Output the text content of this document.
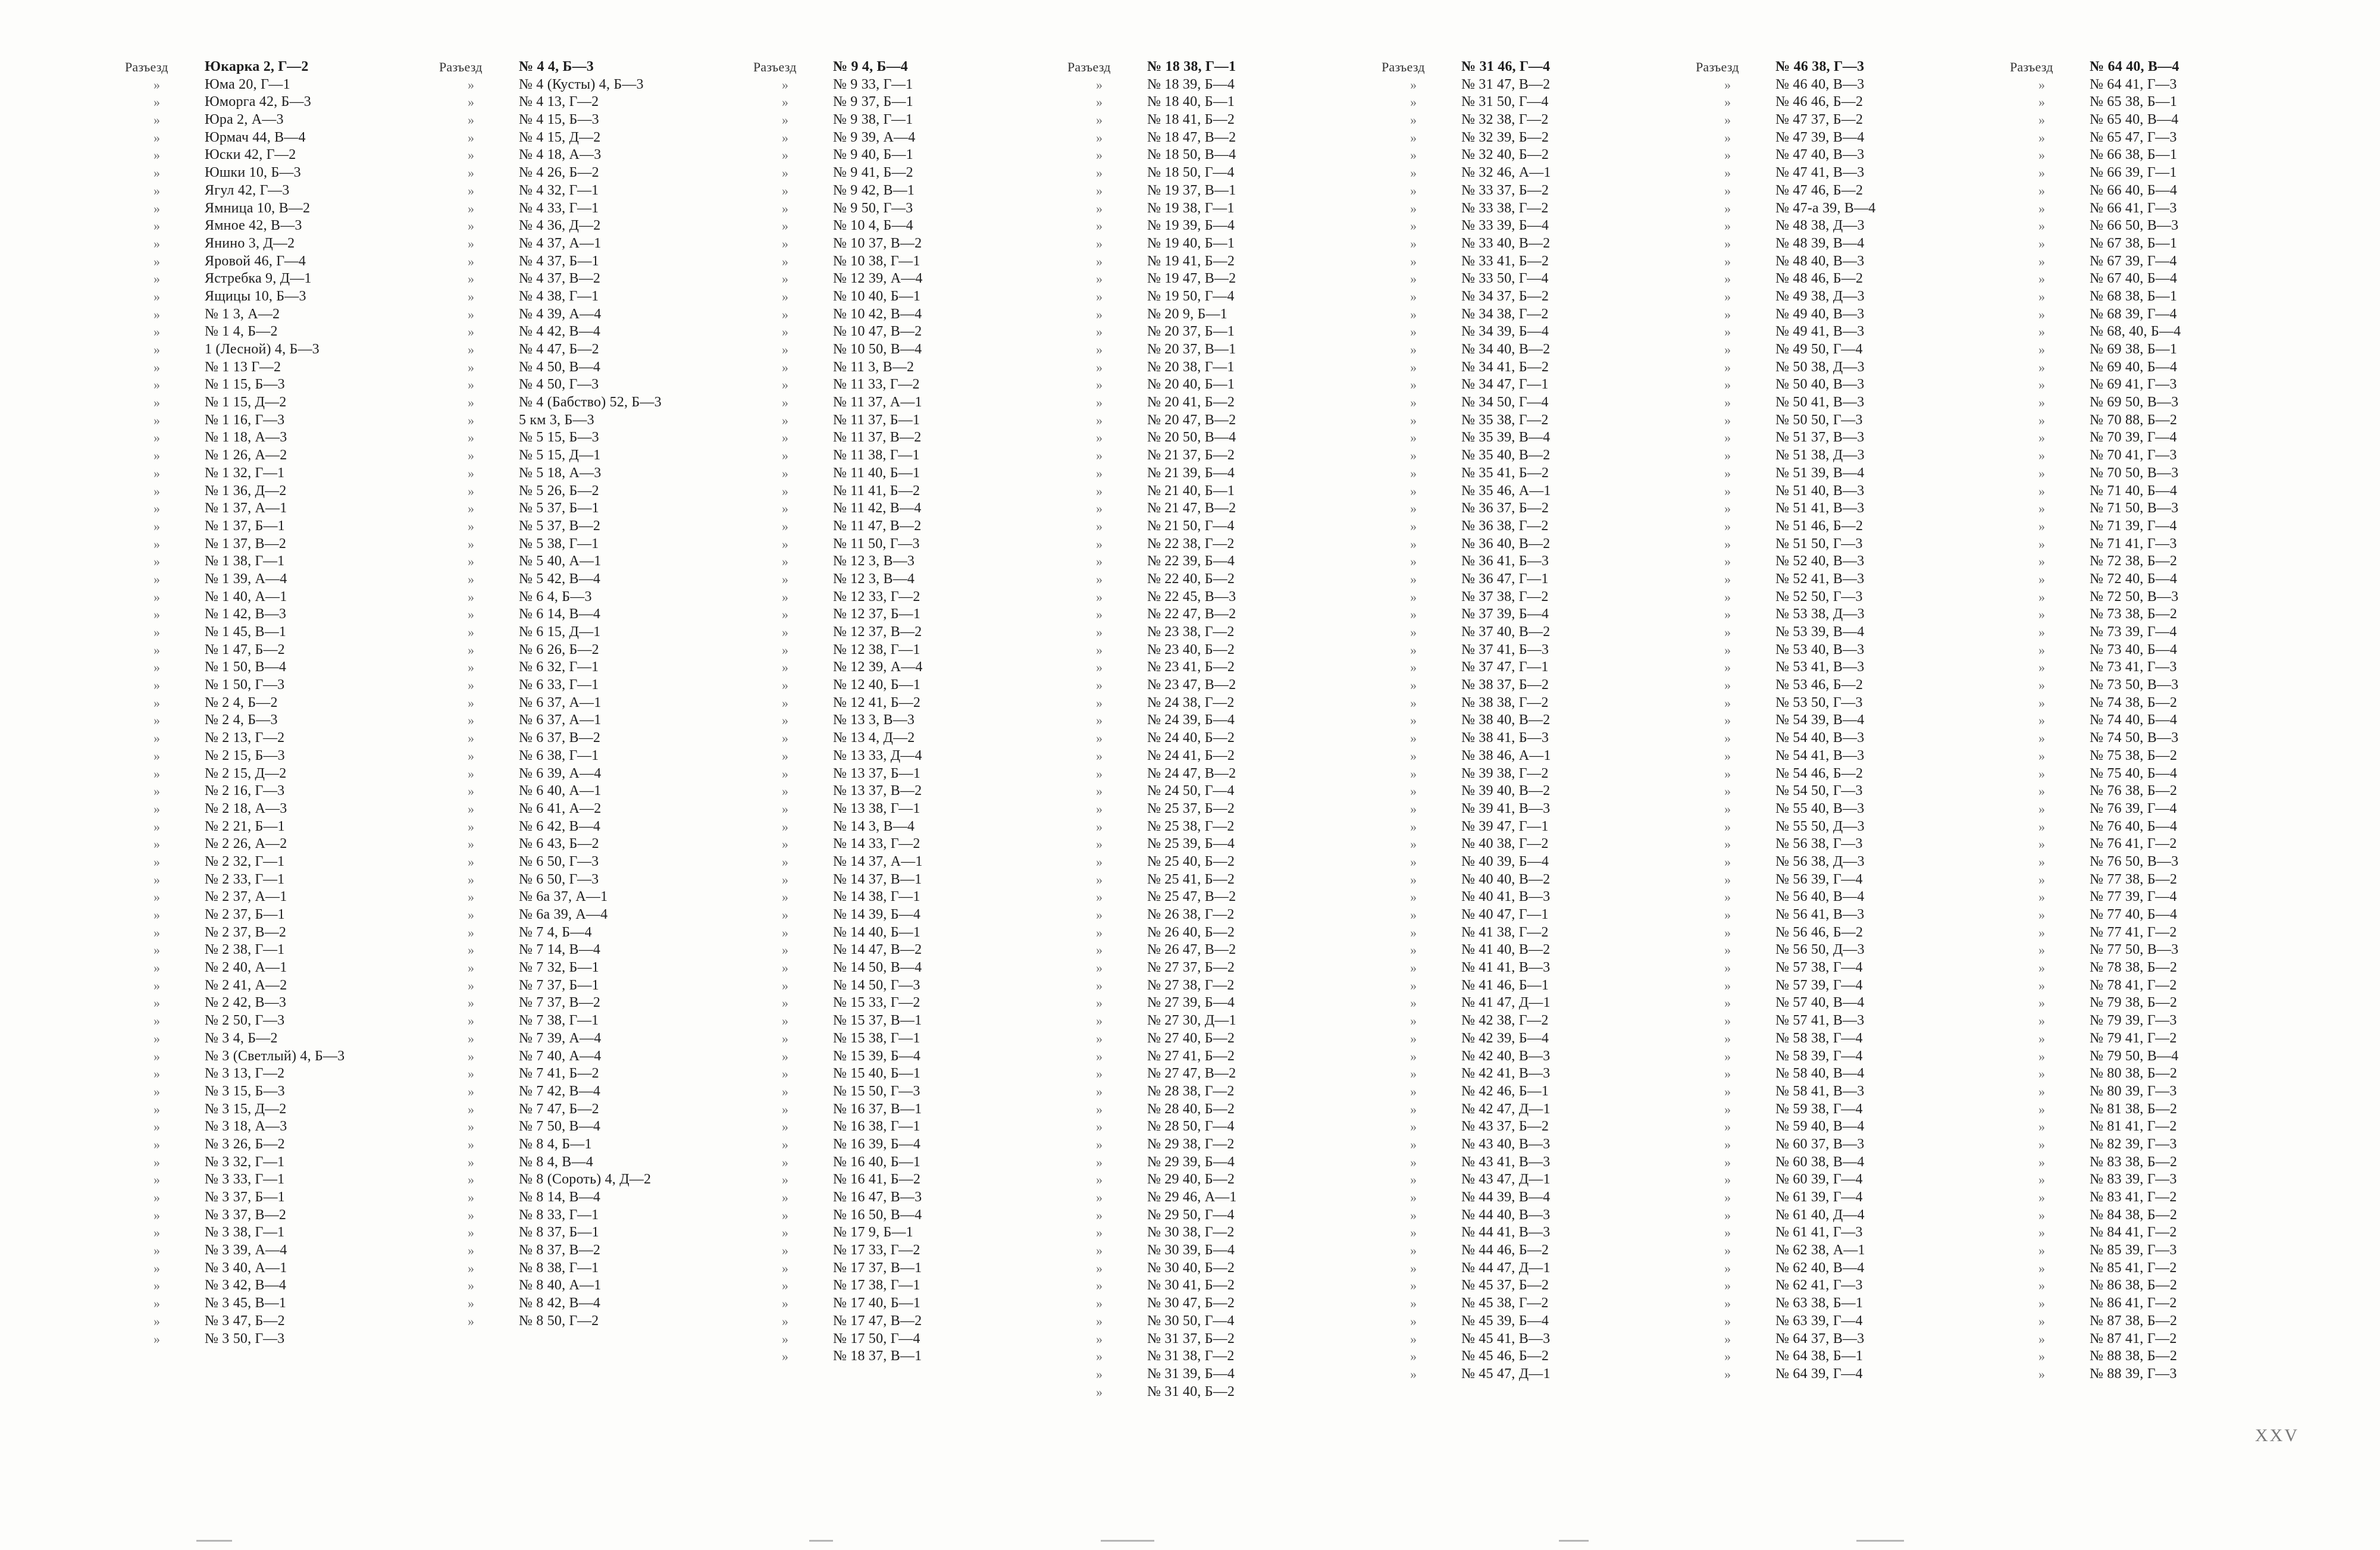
Разъезд	Юкарка 2, Г—2
»	Юма 20, Г—1
»	Юморга 42, Б—3
»	Юра 2, А—3
»	Юрмач 44, В—4
»	Юски 42, Г—2
»	Юшки 10, Б—3
»	Ягул 42, Г—3
»	Ямница 10, В—2
»	Ямное 42, В—3
»	Янино 3, Д—2
»	Яровой 46, Г—4
»	Ястребка 9, Д—1
»	Ящицы 10, Б—3
»	№ 1 3, А—2
»	№ 1 4, Б—2
»	1 (Лесной) 4, Б—3
»	№ 1 13 Г—2
»	№ 1 15, Б—3
»	№ 1 15, Д—2
»	№ 1 16, Г—3
»	№ 1 18, А—3
»	№ 1 26, А—2
»	№ 1 32, Г—1
»	№ 1 36, Д—2
»	№ 1 37, А—1
»	№ 1 37, Б—1
»	№ 1 37, В—2
»	№ 1 38, Г—1
»	№ 1 39, А—4
»	№ 1 40, А—1
»	№ 1 42, В—3
»	№ 1 45, В—1
»	№ 1 47, Б—2
»	№ 1 50, В—4
»	№ 1 50, Г—3
»	№ 2 4, Б—2
»	№ 2 4, Б—3
»	№ 2 13, Г—2
»	№ 2 15, Б—3
»	№ 2 15, Д—2
»	№ 2 16, Г—3
»	№ 2 18, А—3
»	№ 2 21, Б—1
»	№ 2 26, А—2
»	№ 2 32, Г—1
»	№ 2 33, Г—1
»	№ 2 37, А—1
»	№ 2 37, Б—1
»	№ 2 37, В—2
»	№ 2 38, Г—1
»	№ 2 40, А—1
»	№ 2 41, А—2
»	№ 2 42, В—3
»	№ 2 50, Г—3
»	№ 3 4, Б—2
»	№ 3 (Светлый) 4, Б—3
»	№ 3 13, Г—2
»	№ 3 15, Б—3
»	№ 3 15, Д—2
»	№ 3 18, А—3
»	№ 3 26, Б—2
»	№ 3 32, Г—1
»	№ 3 33, Г—1
»	№ 3 37, Б—1
»	№ 3 37, В—2
»	№ 3 38, Г—1
»	№ 3 39, А—4
»	№ 3 40, А—1
»	№ 3 42, В—4
»	№ 3 45, В—1
»	№ 3 47, Б—2
»	№ 3 50, Г—3
Разъезд	№ 4 4, Б—3
»	№ 4 (Кусты) 4, Б—3
»	№ 4 13, Г—2
»	№ 4 15, Б—3
»	№ 4 15, Д—2
»	№ 4 18, А—3
»	№ 4 26, Б—2
»	№ 4 32, Г—1
»	№ 4 33, Г—1
»	№ 4 36, Д—2
»	№ 4 37, А—1
»	№ 4 37, Б—1
»	№ 4 37, В—2
»	№ 4 38, Г—1
»	№ 4 39, А—4
»	№ 4 42, В—4
»	№ 4 47, Б—2
»	№ 4 50, В—4
»	№ 4 50, Г—3
»	№ 4 (Бабство) 52, Б—3
»	5 км 3, Б—3
»	№ 5 15, Б—3
»	№ 5 15, Д—1
»	№ 5 18, А—3
»	№ 5 26, Б—2
»	№ 5 37, Б—1
»	№ 5 37, В—2
»	№ 5 38, Г—1
»	№ 5 40, А—1
»	№ 5 42, В—4
»	№ 6 4, Б—3
»	№ 6 14, В—4
»	№ 6 15, Д—1
»	№ 6 26, Б—2
»	№ 6 32, Г—1
»	№ 6 33, Г—1
»	№ 6 37, А—1
»	№ 6 37, А—1
»	№ 6 37, В—2
»	№ 6 38, Г—1
»	№ 6 39, А—4
»	№ 6 40, А—1
»	№ 6 41, А—2
»	№ 6 42, В—4
»	№ 6 43, Б—2
»	№ 6 50, Г—3
»	№ 6 50, Г—3
»	№ 6а 37, А—1
»	№ 6а 39, А—4
»	№ 7 4, Б—4
»	№ 7 14, В—4
»	№ 7 32, Б—1
»	№ 7 37, Б—1
»	№ 7 37, В—2
»	№ 7 38, Г—1
»	№ 7 39, А—4
»	№ 7 40, А—4
»	№ 7 41, Б—2
»	№ 7 42, В—4
»	№ 7 47, Б—2
»	№ 7 50, В—4
»	№ 8 4, Б—1
»	№ 8 4, В—4
»	№ 8 (Сороть) 4, Д—2
»	№ 8 14, В—4
»	№ 8 33, Г—1
»	№ 8 37, Б—1
»	№ 8 37, В—2
»	№ 8 38, Г—1
»	№ 8 40, А—1
»	№ 8 42, В—4
»	№ 8 50, Г—2
Разъезд	№ 9 4, Б—4
»	№ 9 33, Г—1
»	№ 9 37, Б—1
»	№ 9 38, Г—1
»	№ 9 39, А—4
»	№ 9 40, Б—1
»	№ 9 41, Б—2
»	№ 9 42, В—1
»	№ 9 50, Г—3
»	№ 10 4, Б—4
»	№ 10 37, В—2
»	№ 10 38, Г—1
»	№ 12 39, А—4
»	№ 10 40, Б—1
»	№ 10 42, В—4
»	№ 10 47, В—2
»	№ 10 50, В—4
»	№ 11 3, В—2
»	№ 11 33, Г—2
»	№ 11 37, А—1
»	№ 11 37, Б—1
»	№ 11 37, В—2
»	№ 11 38, Г—1
»	№ 11 40, Б—1
»	№ 11 41, Б—2
»	№ 11 42, В—4
»	№ 11 47, В—2
»	№ 11 50, Г—3
»	№ 12 3, В—3
»	№ 12 3, В—4
»	№ 12 33, Г—2
»	№ 12 37, Б—1
»	№ 12 37, В—2
»	№ 12 38, Г—1
»	№ 12 39, А—4
»	№ 12 40, Б—1
»	№ 12 41, Б—2
»	№ 13 3, В—3
»	№ 13 4, Д—2
»	№ 13 33, Д—4
»	№ 13 37, Б—1
»	№ 13 37, В—2
»	№ 13 38, Г—1
»	№ 14 3, В—4
»	№ 14 33, Г—2
»	№ 14 37, А—1
»	№ 14 37, В—1
»	№ 14 38, Г—1
»	№ 14 39, Б—4
»	№ 14 40, Б—1
»	№ 14 47, В—2
»	№ 14 50, В—4
»	№ 14 50, Г—3
»	№ 15 33, Г—2
»	№ 15 37, В—1
»	№ 15 38, Г—1
»	№ 15 39, Б—4
»	№ 15 40, Б—1
»	№ 15 50, Г—3
»	№ 16 37, В—1
»	№ 16 38, Г—1
»	№ 16 39, Б—4
»	№ 16 40, Б—1
»	№ 16 41, Б—2
»	№ 16 47, В—3
»	№ 16 50, В—4
»	№ 17 9, Б—1
»	№ 17 33, Г—2
»	№ 17 37, В—1
»	№ 17 38, Г—1
»	№ 17 40, Б—1
»	№ 17 47, В—2
»	№ 17 50, Г—4
»	№ 18 37, В—1
Разъезд	№ 18 38, Г—1
»	№ 18 39, Б—4
»	№ 18 40, Б—1
»	№ 18 41, Б—2
»	№ 18 47, В—2
»	№ 18 50, В—4
»	№ 18 50, Г—4
»	№ 19 37, В—1
»	№ 19 38, Г—1
»	№ 19 39, Б—4
»	№ 19 40, Б—1
»	№ 19 41, Б—2
»	№ 19 47, В—2
»	№ 19 50, Г—4
»	№ 20 9, Б—1
»	№ 20 37, Б—1
»	№ 20 37, В—1
»	№ 20 38, Г—1
»	№ 20 40, Б—1
»	№ 20 41, Б—2
»	№ 20 47, В—2
»	№ 20 50, В—4
»	№ 21 37, Б—2
»	№ 21 39, Б—4
»	№ 21 40, Б—1
»	№ 21 47, В—2
»	№ 21 50, Г—4
»	№ 22 38, Г—2
»	№ 22 39, Б—4
»	№ 22 40, Б—2
»	№ 22 45, В—3
»	№ 22 47, В—2
»	№ 23 38, Г—2
»	№ 23 40, Б—2
»	№ 23 41, Б—2
»	№ 23 47, В—2
»	№ 24 38, Г—2
»	№ 24 39, Б—4
»	№ 24 40, Б—2
»	№ 24 41, Б—2
»	№ 24 47, В—2
»	№ 24 50, Г—4
»	№ 25 37, Б—2
»	№ 25 38, Г—2
»	№ 25 39, Б—4
»	№ 25 40, Б—2
»	№ 25 41, Б—2
»	№ 25 47, В—2
»	№ 26 38, Г—2
»	№ 26 40, Б—2
»	№ 26 47, В—2
»	№ 27 37, Б—2
»	№ 27 38, Г—2
»	№ 27 39, Б—4
»	№ 27 30, Д—1
»	№ 27 40, Б—2
»	№ 27 41, Б—2
»	№ 27 47, В—2
»	№ 28 38, Г—2
»	№ 28 40, Б—2
»	№ 28 50, Г—4
»	№ 29 38, Г—2
»	№ 29 39, Б—4
»	№ 29 40, Б—2
»	№ 29 46, А—1
»	№ 29 50, Г—4
»	№ 30 38, Г—2
»	№ 30 39, Б—4
»	№ 30 40, Б—2
»	№ 30 41, Б—2
»	№ 30 47, Б—2
»	№ 30 50, Г—4
»	№ 31 37, Б—2
»	№ 31 38, Г—2
»	№ 31 39, Б—4
»	№ 31 40, Б—2
Разъезд	№ 31 46, Г—4
»	№ 31 47, В—2
»	№ 31 50, Г—4
»	№ 32 38, Г—2
»	№ 32 39, Б—2
»	№ 32 40, Б—2
»	№ 32 46, А—1
»	№ 33 37, Б—2
»	№ 33 38, Г—2
»	№ 33 39, Б—4
»	№ 33 40, В—2
»	№ 33 41, Б—2
»	№ 33 50, Г—4
»	№ 34 37, Б—2
»	№ 34 38, Г—2
»	№ 34 39, Б—4
»	№ 34 40, В—2
»	№ 34 41, Б—2
»	№ 34 47, Г—1
»	№ 34 50, Г—4
»	№ 35 38, Г—2
»	№ 35 39, В—4
»	№ 35 40, В—2
»	№ 35 41, Б—2
»	№ 35 46, А—1
»	№ 36 37, Б—2
»	№ 36 38, Г—2
»	№ 36 40, В—2
»	№ 36 41, Б—3
»	№ 36 47, Г—1
»	№ 37 38, Г—2
»	№ 37 39, Б—4
»	№ 37 40, В—2
»	№ 37 41, Б—3
»	№ 37 47, Г—1
»	№ 38 37, Б—2
»	№ 38 38, Г—2
»	№ 38 40, В—2
»	№ 38 41, Б—3
»	№ 38 46, А—1
»	№ 39 38, Г—2
»	№ 39 40, В—2
»	№ 39 41, В—3
»	№ 39 47, Г—1
»	№ 40 38, Г—2
»	№ 40 39, Б—4
»	№ 40 40, В—2
»	№ 40 41, В—3
»	№ 40 47, Г—1
»	№ 41 38, Г—2
»	№ 41 40, В—2
»	№ 41 41, В—3
»	№ 41 46, Б—1
»	№ 41 47, Д—1
»	№ 42 38, Г—2
»	№ 42 39, Б—4
»	№ 42 40, В—3
»	№ 42 41, В—3
»	№ 42 46, Б—1
»	№ 42 47, Д—1
»	№ 43 37, Б—2
»	№ 43 40, В—3
»	№ 43 41, В—3
»	№ 43 47, Д—1
»	№ 44 39, В—4
»	№ 44 40, В—3
»	№ 44 41, В—3
»	№ 44 46, Б—2
»	№ 44 47, Д—1
»	№ 45 37, Б—2
»	№ 45 38, Г—2
»	№ 45 39, Б—4
»	№ 45 41, В—3
»	№ 45 46, Б—2
»	№ 45 47, Д—1
Разъезд	№ 46 38, Г—3
»	№ 46 40, В—3
»	№ 46 46, Б—2
»	№ 47 37, Б—2
»	№ 47 39, В—4
»	№ 47 40, В—3
»	№ 47 41, В—3
»	№ 47 46, Б—2
»	№ 47-а 39, В—4
»	№ 48 38, Д—3
»	№ 48 39, В—4
»	№ 48 40, В—3
»	№ 48 46, Б—2
»	№ 49 38, Д—3
»	№ 49 40, В—3
»	№ 49 41, В—3
»	№ 49 50, Г—4
»	№ 50 38, Д—3
»	№ 50 40, В—3
»	№ 50 41, В—3
»	№ 50 50, Г—3
»	№ 51 37, В—3
»	№ 51 38, Д—3
»	№ 51 39, В—4
»	№ 51 40, В—3
»	№ 51 41, В—3
»	№ 51 46, Б—2
»	№ 51 50, Г—3
»	№ 52 40, В—3
»	№ 52 41, В—3
»	№ 52 50, Г—3
»	№ 53 38, Д—3
»	№ 53 39, В—4
»	№ 53 40, В—3
»	№ 53 41, В—3
»	№ 53 46, Б—2
»	№ 53 50, Г—3
»	№ 54 39, В—4
»	№ 54 40, В—3
»	№ 54 41, В—3
»	№ 54 46, Б—2
»	№ 54 50, Г—3
»	№ 55 40, В—3
»	№ 55 50, Д—3
»	№ 56 38, Г—3
»	№ 56 38, Д—3
»	№ 56 39, Г—4
»	№ 56 40, В—4
»	№ 56 41, В—3
»	№ 56 46, Б—2
»	№ 56 50, Д—3
»	№ 57 38, Г—4
»	№ 57 39, Г—4
»	№ 57 40, В—4
»	№ 57 41, В—3
»	№ 58 38, Г—4
»	№ 58 39, Г—4
»	№ 58 40, В—4
»	№ 58 41, В—3
»	№ 59 38, Г—4
»	№ 59 40, В—4
»	№ 60 37, В—3
»	№ 60 38, В—4
»	№ 60 39, Г—4
»	№ 61 39, Г—4
»	№ 61 40, Д—4
»	№ 61 41, Г—3
»	№ 62 38, А—1
»	№ 62 40, В—4
»	№ 62 41, Г—3
»	№ 63 38, Б—1
»	№ 63 39, Г—4
»	№ 64 37, В—3
»	№ 64 38, Б—1
»	№ 64 39, Г—4
Разъезд	№ 64 40, В—4
»	№ 64 41, Г—3
»	№ 65 38, Б—1
»	№ 65 40, В—4
»	№ 65 47, Г—3
»	№ 66 38, Б—1
»	№ 66 39, Г—1
»	№ 66 40, Б—4
»	№ 66 41, Г—3
»	№ 66 50, В—3
»	№ 67 38, Б—1
»	№ 67 39, Г—4
»	№ 67 40, Б—4
»	№ 68 38, Б—1
»	№ 68 39, Г—4
»	№ 68, 40, Б—4
»	№ 69 38, Б—1
»	№ 69 40, Б—4
»	№ 69 41, Г—3
»	№ 69 50, В—3
»	№ 70 88, Б—2
»	№ 70 39, Г—4
»	№ 70 41, Г—3
»	№ 70 50, В—3
»	№ 71 40, Б—4
»	№ 71 50, В—3
»	№ 71 39, Г—4
»	№ 71 41, Г—3
»	№ 72 38, Б—2
»	№ 72 40, Б—4
»	№ 72 50, В—3
»	№ 73 38, Б—2
»	№ 73 39, Г—4
»	№ 73 40, Б—4
»	№ 73 41, Г—3
»	№ 73 50, В—3
»	№ 74 38, Б—2
»	№ 74 40, Б—4
»	№ 74 50, В—3
»	№ 75 38, Б—2
»	№ 75 40, Б—4
»	№ 76 38, Б—2
»	№ 76 39, Г—4
»	№ 76 40, Б—4
»	№ 76 41, Г—2
»	№ 76 50, В—3
»	№ 77 38, Б—2
»	№ 77 39, Г—4
»	№ 77 40, Б—4
»	№ 77 41, Г—2
»	№ 77 50, В—3
»	№ 78 38, Б—2
»	№ 78 41, Г—2
»	№ 79 38, Б—2
»	№ 79 39, Г—3
»	№ 79 41, Г—2
»	№ 79 50, В—4
»	№ 80 38, Б—2
»	№ 80 39, Г—3
»	№ 81 38, Б—2
»	№ 81 41, Г—2
»	№ 82 39, Г—3
»	№ 83 38, Б—2
»	№ 83 39, Г—3
»	№ 83 41, Г—2
»	№ 84 38, Б—2
»	№ 84 41, Г—2
»	№ 85 39, Г—3
»	№ 85 41, Г—2
»	№ 86 38, Б—2
»	№ 86 41, Г—2
»	№ 87 38, Б—2
»	№ 87 41, Г—2
»	№ 88 38, Б—2
»	№ 88 39, Г—3
XXV
